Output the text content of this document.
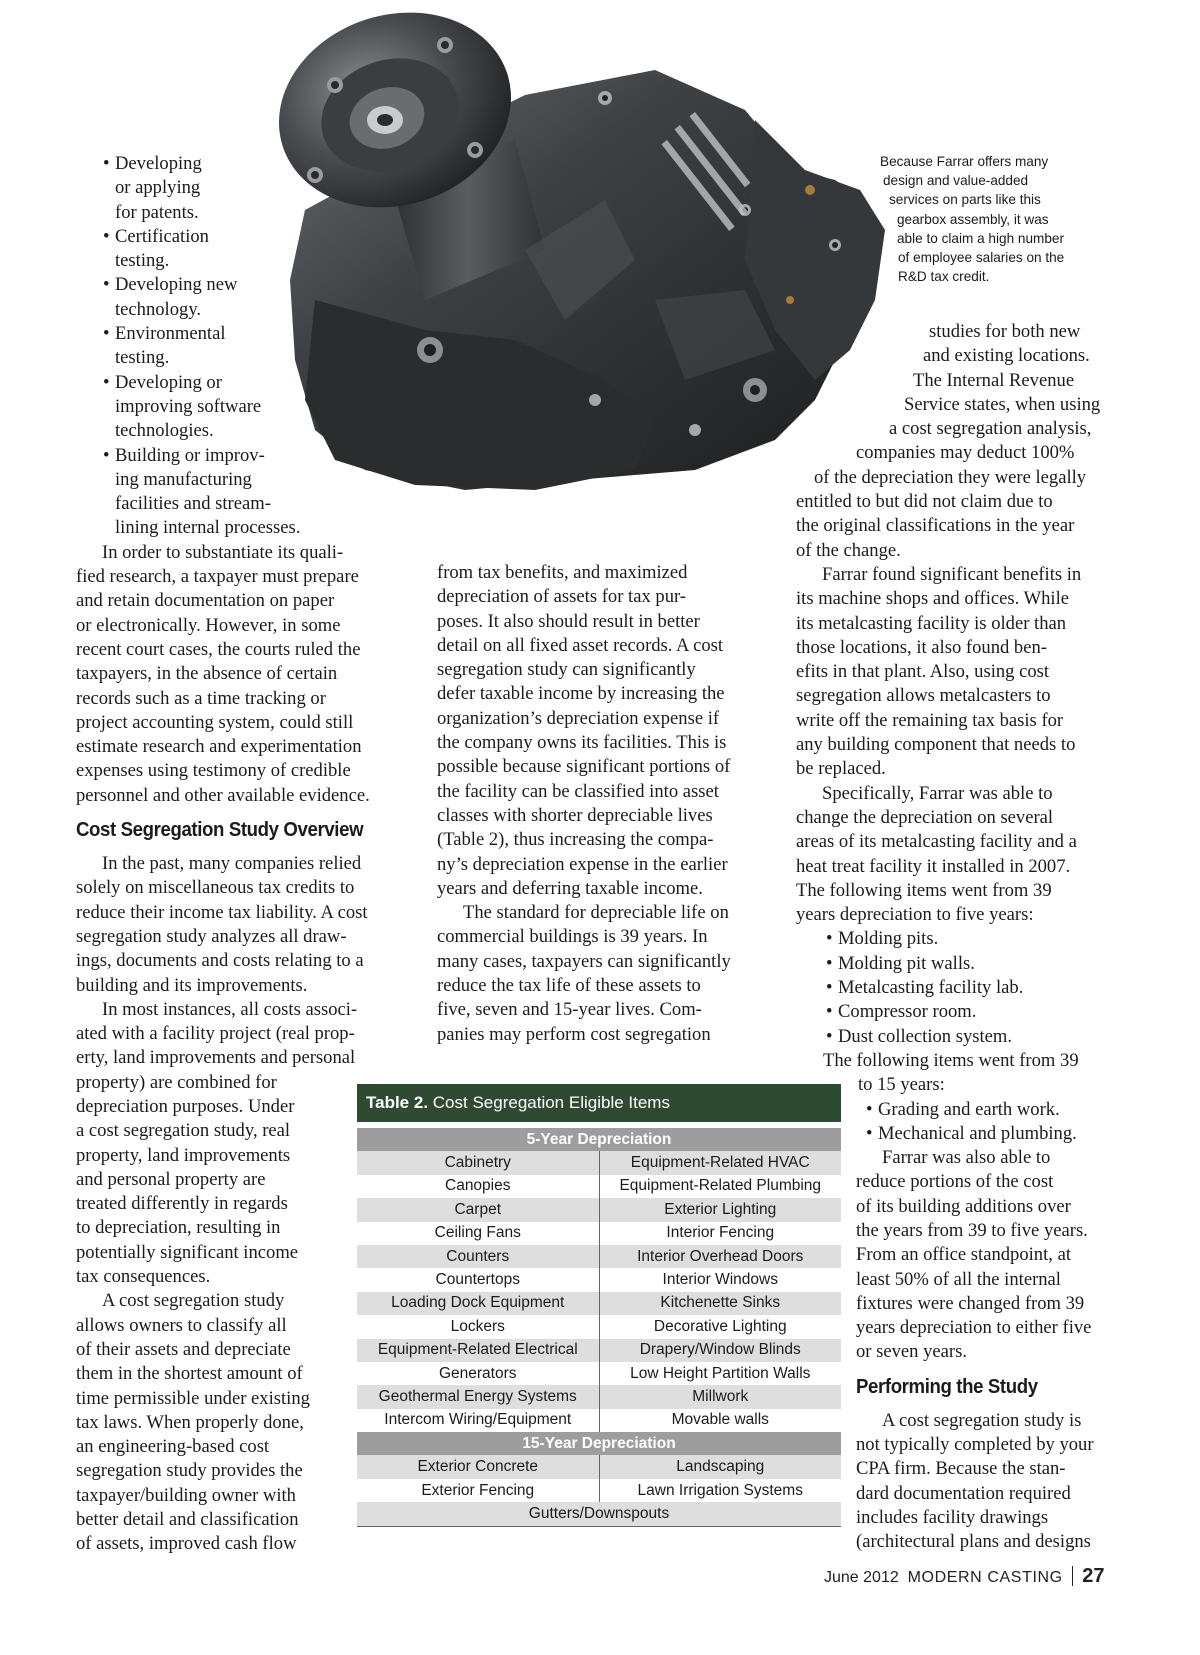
Because Farrar offers many
design and value-added
services on parts like this
gearbox assembly, it was
able to claim a high number
of employee salaries on the
R&D tax credit.
• Developing
or applying
for patents.
• Certification
testing.
• Developing new
technology.
• Environmental
testing.
• Developing or
improving software
technologies.
• Building or improv-
ing manufacturing
facilities and stream-
lining internal processes.

In order to substantiate its quali-
fied research, a taxpayer must prepare
and retain documentation on paper
or electronically. However, in some
recent court cases, the courts ruled the
taxpayers, in the absence of certain
records such as a time tracking or
project accounting system, could still
estimate research and experimentation
expenses using testimony of credible
personnel and other available evidence.

Cost Segregation Study Overview

In the past, many companies relied
solely on miscellaneous tax credits to
reduce their income tax liability. A cost
segregation study analyzes all draw-
ings, documents and costs relating to a
building and its improvements.

In most instances, all costs associ-
ated with a facility project (real prop-
erty, land improvements and personal
property) are combined for
depreciation purposes. Under
a cost segregation study, real
property, land improvements
and personal property are
treated differently in regards
to depreciation, resulting in
potentially significant income
tax consequences.

A cost segregation study
allows owners to classify all
of their assets and depreciate
them in the shortest amount of
time permissible under existing
tax laws. When properly done,
an engineering-based cost
segregation study provides the
taxpayer/building owner with
better detail and classification
of assets, improved cash flow

from tax benefits, and maximized
depreciation of assets for tax pur-
poses. It also should result in better
detail on all fixed asset records. A cost
segregation study can significantly
defer taxable income by increasing the
organization’s depreciation expense if
the company owns its facilities. This is
possible because significant portions of
the facility can be classified into asset
classes with shorter depreciable lives
(Table 2), thus increasing the compa-
ny’s depreciation expense in the earlier
years and deferring taxable income.

The standard for depreciable life on
commercial buildings is 39 years. In
many cases, taxpayers can significantly
reduce the tax life of these assets to
five, seven and 15-year lives. Com-
panies may perform cost segregation

studies for both new
and existing locations.
The Internal Revenue
Service states, when using
a cost segregation analysis,
companies may deduct 100%
of the depreciation they were legally
entitled to but did not claim due to
the original classifications in the year
of the change.

Farrar found significant benefits in
its machine shops and offices. While
its metalcasting facility is older than
those locations, it also found ben-
efits in that plant. Also, using cost
segregation allows metalcasters to
write off the remaining tax basis for
any building component that needs to
be replaced.

Specifically, Farrar was able to
change the depreciation on several
areas of its metalcasting facility and a
heat treat facility it installed in 2007.
The following items went from 39
years depreciation to five years:

• Molding pits.
• Molding pit walls.
• Metalcasting facility lab.
• Compressor room.
• Dust collection system.

The following items went from 39
to 15 years:

• Grading and earth work.
• Mechanical and plumbing.

Farrar was also able to
reduce portions of the cost
of its building additions over
the years from 39 to five years.
From an office standpoint, at
least 50% of all the internal
fixtures were changed from 39
years depreciation to either five
or seven years.

Performing the Study

A cost segregation study is
not typically completed by your
CPA firm. Because the stan-
dard documentation required
includes facility drawings
(architectural plans and designs

Table 2. Cost Segregation Eligible Items
5-Year Depreciation	
Cabinetry	Equipment-Related HVAC
Canopies	Equipment-Related Plumbing
Carpet	Exterior Lighting
Ceiling Fans	Interior Fencing
Counters	Interior Overhead Doors
Countertops	Interior Windows
Loading Dock Equipment	Kitchenette Sinks
Lockers	Decorative Lighting
Equipment-Related Electrical	Drapery/Window Blinds
Generators	Low Height Partition Walls
Geothermal Energy Systems	Millwork
Intercom Wiring/Equipment	Movable walls
15-Year Depreciation	
Exterior Concrete	Landscaping
Exterior Fencing	Lawn Irrigation Systems
Gutters/Downspouts	
June 2012 MODERN CASTING 27
